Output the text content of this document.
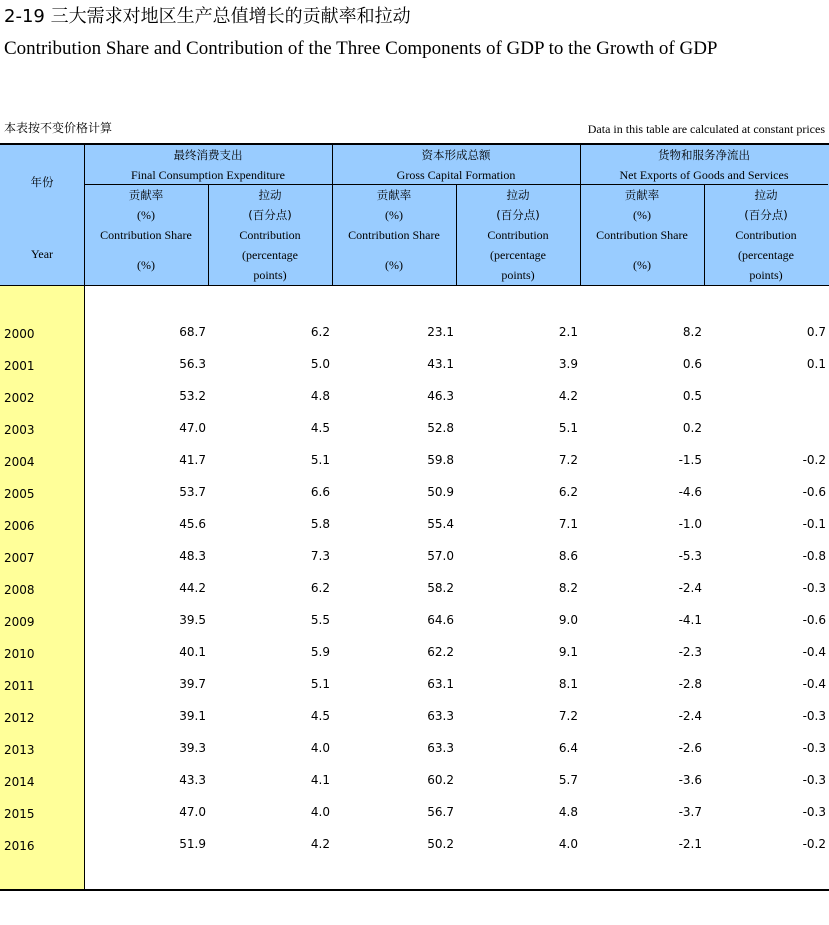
2-19 三大需求对地区生产总值增长的贡献率和拉动
Contribution Share and Contribution of the Three Components of GDP to the Growth of GDP
本表按不变价格计算	Data in this table are calculated at constant prices
年份
Year
最终消费支出
Final Consumption Expenditure
贡献率
(%)
Contribution Share
(%)
拉动
(百分点)
Contribution
(percentage
points)
资本形成总额
Gross Capital Formation
贡献率
(%)
Contribution Share
(%)
拉动
(百分点)
Contribution
(percentage
points)
货物和服务净流出
Net Exports of Goods and Services
贡献率
(%)
Contribution Share
(%)
拉动
(百分点)
Contribution
(percentage
points)
2000	68.7	6.2	23.1	2.1	8.2	0.7
2001	56.3	5.0	43.1	3.9	0.6	0.1
2002	53.2	4.8	46.3	4.2	0.5
2003	47.0	4.5	52.8	5.1	0.2
2004	41.7	5.1	59.8	7.2	-1.5	-0.2
2005	53.7	6.6	50.9	6.2	-4.6	-0.6
2006	45.6	5.8	55.4	7.1	-1.0	-0.1
2007	48.3	7.3	57.0	8.6	-5.3	-0.8
2008	44.2	6.2	58.2	8.2	-2.4	-0.3
2009	39.5	5.5	64.6	9.0	-4.1	-0.6
2010	40.1	5.9	62.2	9.1	-2.3	-0.4
2011	39.7	5.1	63.1	8.1	-2.8	-0.4
2012	39.1	4.5	63.3	7.2	-2.4	-0.3
2013	39.3	4.0	63.3	6.4	-2.6	-0.3
2014	43.3	4.1	60.2	5.7	-3.6	-0.3
2015	47.0	4.0	56.7	4.8	-3.7	-0.3
2016	51.9	4.2	50.2	4.0	-2.1	-0.2
